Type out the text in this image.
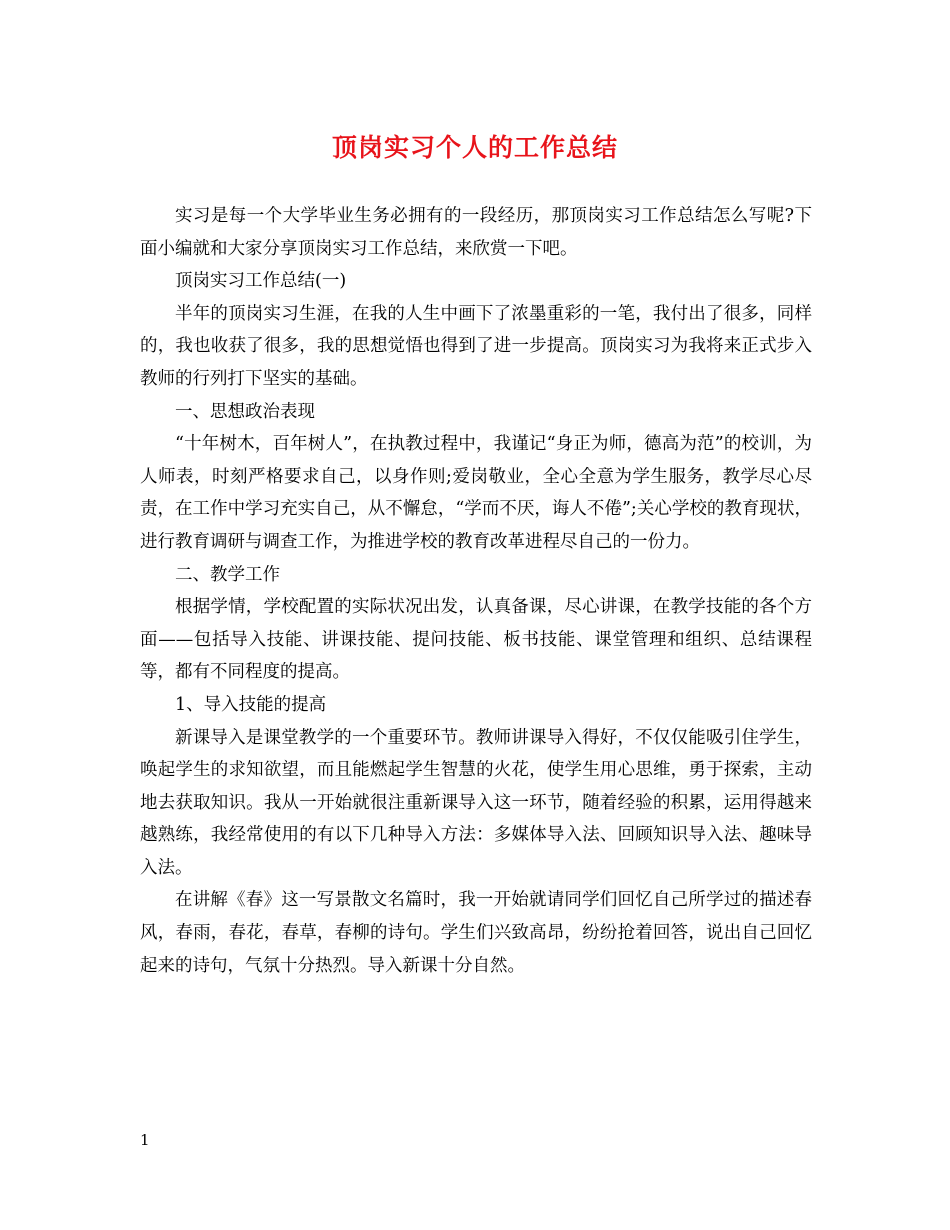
顶岗实习个人的工作总结

实习是每一个大学毕业生务必拥有的一段经历，那顶岗实习工作总结怎么写呢?下面小编就和大家分享顶岗实习工作总结，来欣赏一下吧。

顶岗实习工作总结(一)

半年的顶岗实习生涯，在我的人生中画下了浓墨重彩的一笔，我付出了很多，同样的，我也收获了很多，我的思想觉悟也得到了进一步提高。顶岗实习为我将来正式步入教师的行列打下坚实的基础。

一、思想政治表现

“十年树木，百年树人”，在执教过程中，我谨记“身正为师，德高为范”的校训，为人师表，时刻严格要求自己，以身作则;爱岗敬业，全心全意为学生服务，教学尽心尽责，在工作中学习充实自己，从不懈怠，“学而不厌，诲人不倦”;关心学校的教育现状，进行教育调研与调查工作，为推进学校的教育改革进程尽自己的一份力。

二、教学工作

根据学情，学校配置的实际状况出发，认真备课，尽心讲课，在教学技能的各个方面——包括导入技能、讲课技能、提问技能、板书技能、课堂管理和组织、总结课程等，都有不同程度的提高。

1、导入技能的提高

新课导入是课堂教学的一个重要环节。教师讲课导入得好，不仅仅能吸引住学生，唤起学生的求知欲望，而且能燃起学生智慧的火花，使学生用心思维，勇于探索，主动地去获取知识。我从一开始就很注重新课导入这一环节，随着经验的积累，运用得越来越熟练，我经常使用的有以下几种导入方法：多媒体导入法、回顾知识导入法、趣味导入法。

在讲解《春》这一写景散文名篇时，我一开始就请同学们回忆自己所学过的描述春风，春雨，春花，春草，春柳的诗句。学生们兴致高昂，纷纷抢着回答，说出自己回忆起来的诗句，气氛十分热烈。导入新课十分自然。

1
